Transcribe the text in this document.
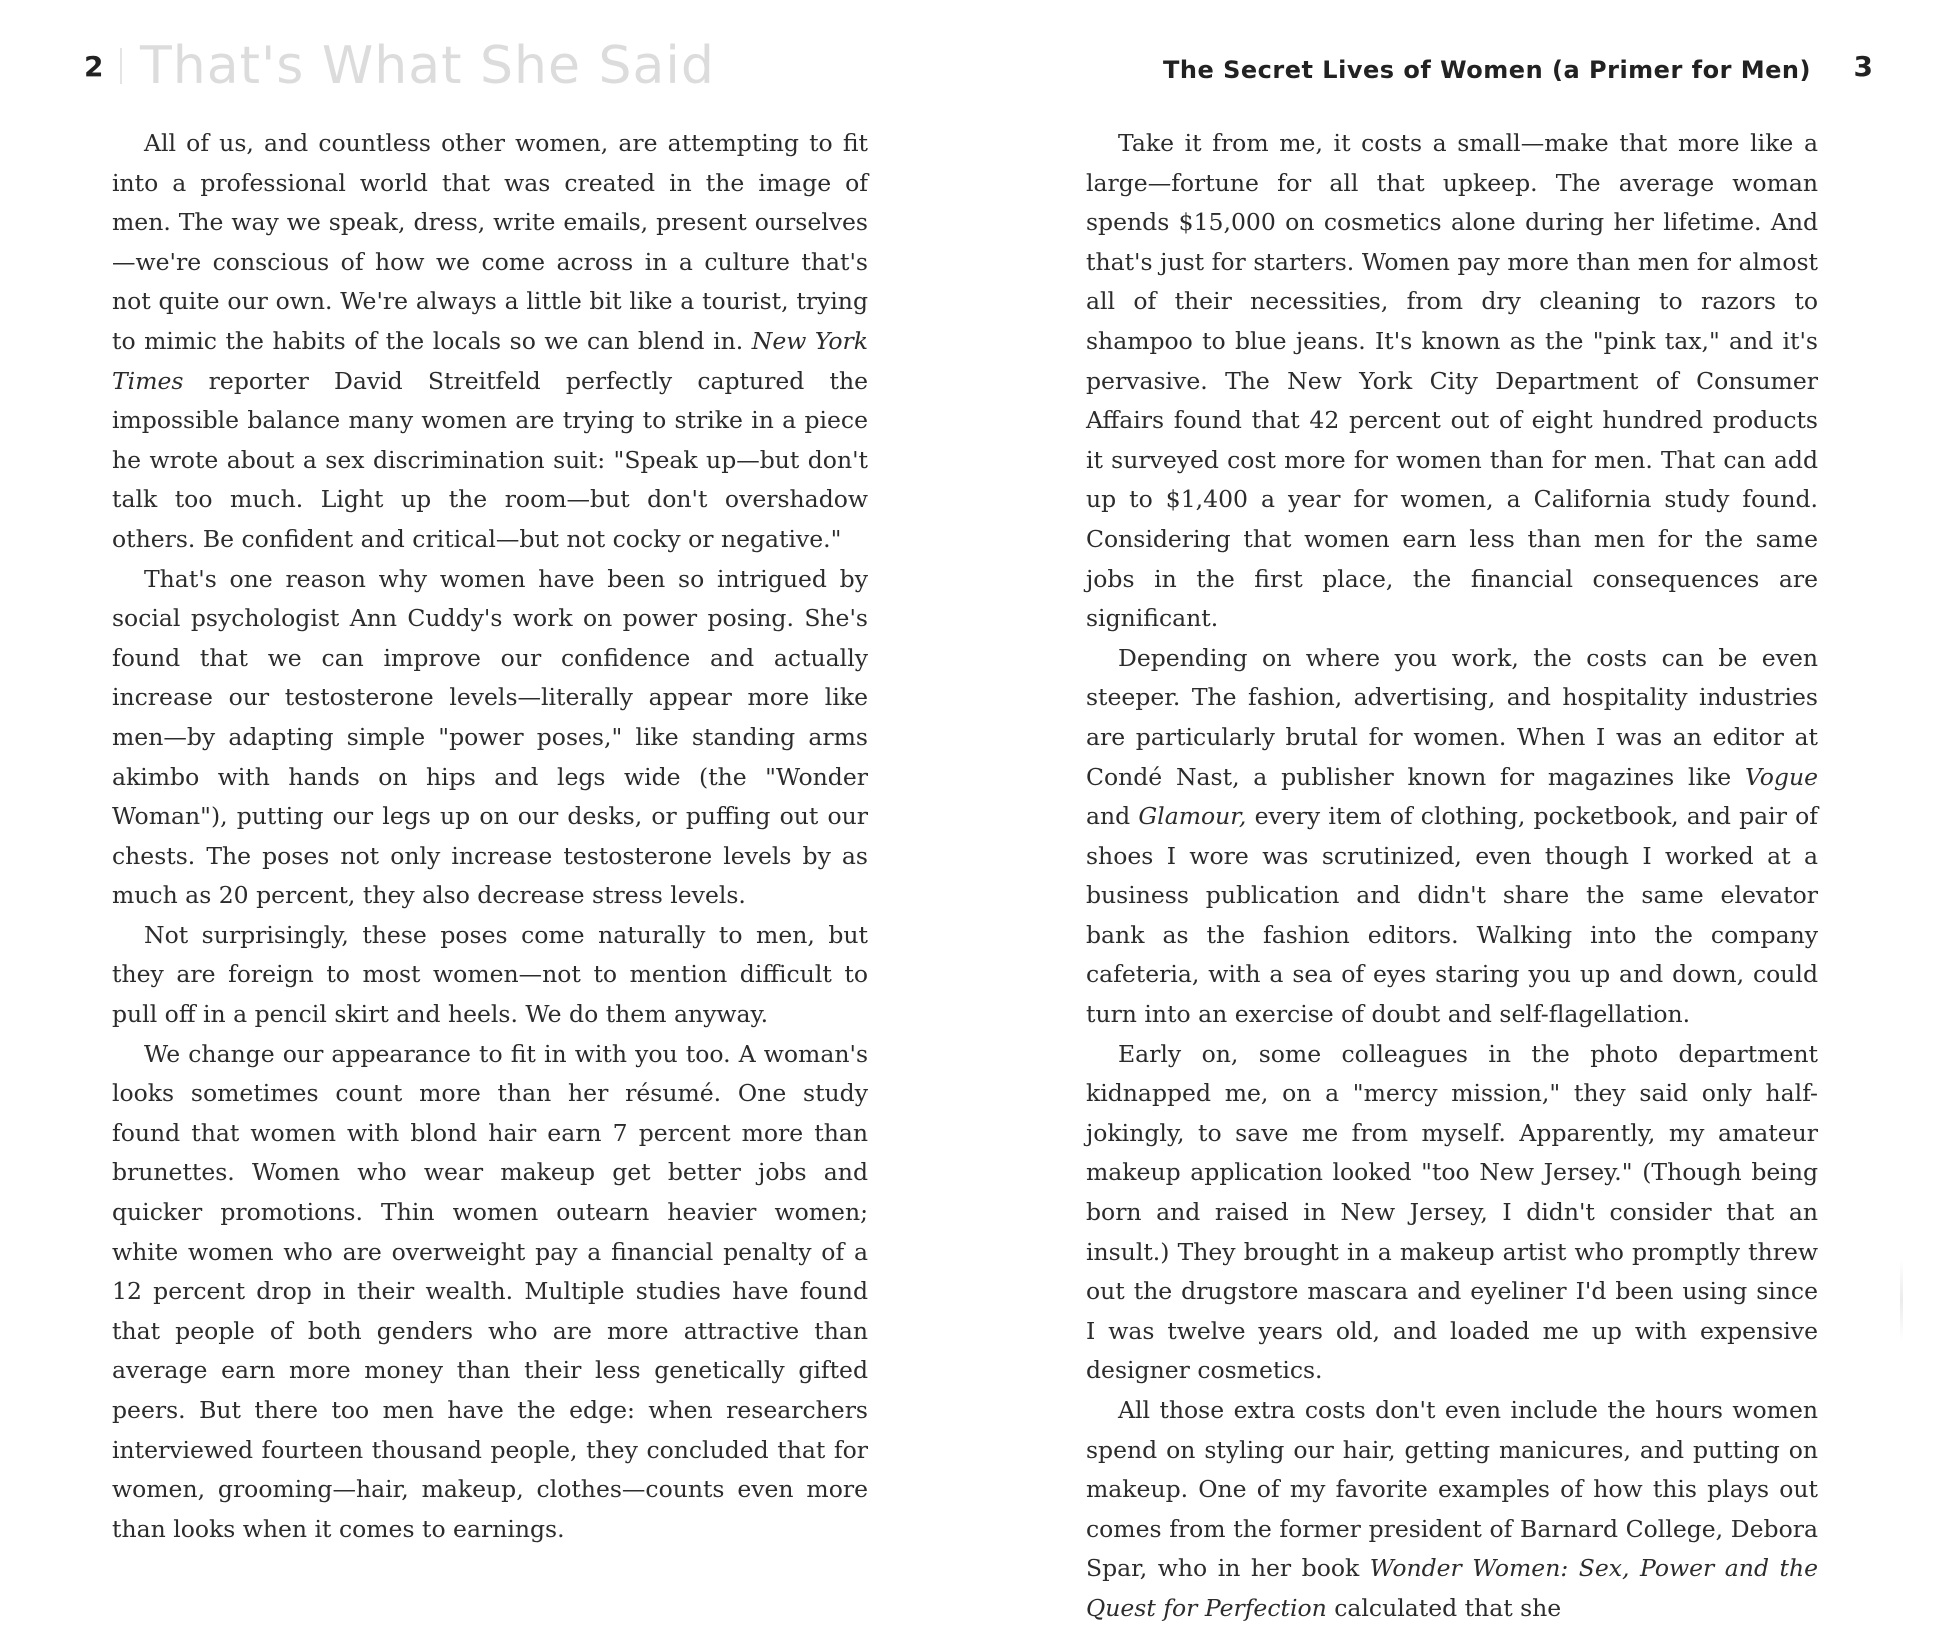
2 That's What She Said

All of us, and countless other women, are attempting to fit into a professional world that was created in the image of men. The way we speak, dress, write emails, present ourselves—we're conscious of how we come across in a culture that's not quite our own. We're always a little bit like a tourist, trying to mimic the habits of the locals so we can blend in. New York Times reporter David Streitfeld perfectly captured the impossible balance many women are trying to strike in a piece he wrote about a sex discrimination suit: "Speak up—but don't talk too much. Light up the room—but don't overshadow others. Be confident and critical—but not cocky or negative."

That's one reason why women have been so intrigued by social psychologist Ann Cuddy's work on power posing. She's found that we can improve our confidence and actually increase our testosterone levels—literally appear more like men—by adapting simple "power poses," like standing arms akimbo with hands on hips and legs wide (the "Wonder Woman"), putting our legs up on our desks, or puffing out our chests. The poses not only increase testosterone levels by as much as 20 percent, they also decrease stress levels.

Not surprisingly, these poses come naturally to men, but they are foreign to most women—not to mention difficult to pull off in a pencil skirt and heels. We do them anyway.

We change our appearance to fit in with you too. A woman's looks sometimes count more than her résumé. One study found that women with blond hair earn 7 percent more than brunettes. Women who wear makeup get better jobs and quicker promotions. Thin women outearn heavier women; white women who are overweight pay a financial penalty of a 12 percent drop in their wealth. Multiple studies have found that people of both genders who are more attractive than average earn more money than their less genetically gifted peers. But there too men have the edge: when researchers interviewed fourteen thousand people, they concluded that for women, grooming—hair, makeup, clothes—counts even more than looks when it comes to earnings.

The Secret Lives of Women (a Primer for Men) 3

Take it from me, it costs a small—make that more like a large—fortune for all that upkeep. The average woman spends $15,000 on cosmetics alone during her lifetime. And that's just for starters. Women pay more than men for almost all of their necessities, from dry cleaning to razors to shampoo to blue jeans. It's known as the "pink tax," and it's pervasive. The New York City Department of Consumer Affairs found that 42 percent out of eight hundred products it surveyed cost more for women than for men. That can add up to $1,400 a year for women, a California study found. Considering that women earn less than men for the same jobs in the first place, the financial consequences are significant.

Depending on where you work, the costs can be even steeper. The fashion, advertising, and hospitality industries are particularly brutal for women. When I was an editor at Condé Nast, a publisher known for magazines like Vogue and Glamour, every item of clothing, pocketbook, and pair of shoes I wore was scrutinized, even though I worked at a business publication and didn't share the same elevator bank as the fashion editors. Walking into the company cafeteria, with a sea of eyes staring you up and down, could turn into an exercise of doubt and self-flagellation.

Early on, some colleagues in the photo department kidnapped me, on a "mercy mission," they said only half-jokingly, to save me from myself. Apparently, my amateur makeup application looked "too New Jersey." (Though being born and raised in New Jersey, I didn't consider that an insult.) They brought in a makeup artist who promptly threw out the drugstore mascara and eyeliner I'd been using since I was twelve years old, and loaded me up with expensive designer cosmetics.

All those extra costs don't even include the hours women spend on styling our hair, getting manicures, and putting on makeup. One of my favorite examples of how this plays out comes from the former president of Barnard College, Debora Spar, who in her book Wonder Women: Sex, Power and the Quest for Perfection calculated that she
